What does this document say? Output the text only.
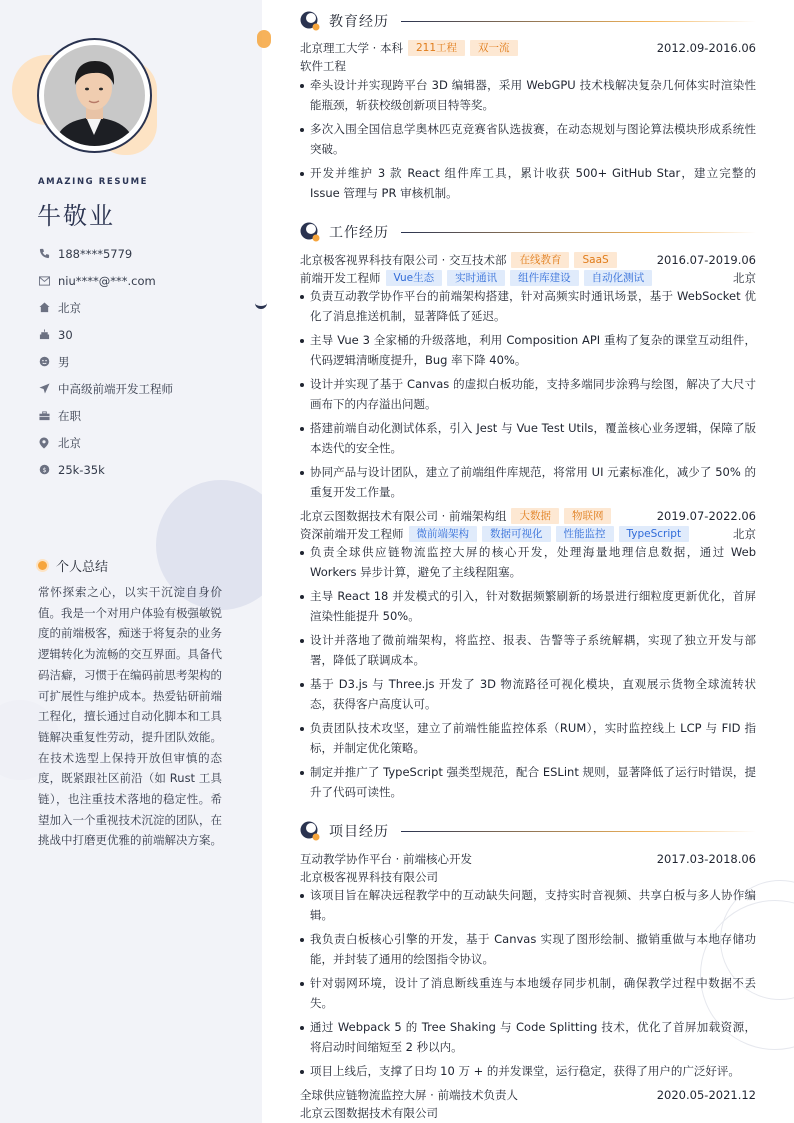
AMAZING RESUME
牛敬业
188****5779
niu****@***.com
北京
30
男
中高级前端开发工程师
在职
北京
$ 25k-35k
个人总结
常怀探索之心，以实干沉淀自身价值。我是一个对用户体验有极强敏锐度的前端极客，痴迷于将复杂的业务逻辑转化为流畅的交互界面。具备代码洁癖，习惯于在编码前思考架构的可扩展性与维护成本。热爱钻研前端工程化，擅长通过自动化脚本和工具链解决重复性劳动，提升团队效能。在技术选型上保持开放但审慎的态度，既紧跟社区前沿（如 Rust 工具链），也注重技术落地的稳定性。希望加入一个重视技术沉淀的团队，在挑战中打磨更优雅的前端解决方案。
教育经历
北京理工大学 · 本科	211工程	双一流	2012.09-2016.06
软件工程
牵头设计并实现跨平台 3D 编辑器，采用 WebGPU 技术栈解决复杂几何体实时渲染性能瓶颈，斩获校级创新项目特等奖。
多次入围全国信息学奥林匹克竞赛省队选拔赛，在动态规划与图论算法模块形成系统性突破。
开发并维护 3 款 React 组件库工具，累计收获 500+ GitHub Star，建立完整的 Issue 管理与 PR 审核机制。
工作经历
北京极客视界科技有限公司 · 交互技术部	在线教育	SaaS	2016.07-2019.06
前端开发工程师	Vue生态	实时通讯	组件库建设	自动化测试	北京
负责互动教学协作平台的前端架构搭建，针对高频实时通讯场景，基于 WebSocket 优化了消息推送机制，显著降低了延迟。
主导 Vue 3 全家桶的升级落地，利用 Composition API 重构了复杂的课堂互动组件，代码逻辑清晰度提升，Bug 率下降 40%。
设计并实现了基于 Canvas 的虚拟白板功能，支持多端同步涂鸦与绘图，解决了大尺寸画布下的内存溢出问题。
搭建前端自动化测试体系，引入 Jest 与 Vue Test Utils，覆盖核心业务逻辑，保障了版本迭代的安全性。
协同产品与设计团队，建立了前端组件库规范，将常用 UI 元素标准化，减少了 50% 的重复开发工作量。
北京云图数据技术有限公司 · 前端架构组	大数据	物联网	2019.07-2022.06
资深前端开发工程师	微前端架构	数据可视化	性能监控	TypeScript	北京
负责全球供应链物流监控大屏的核心开发，处理海量地理信息数据，通过 Web Workers 异步计算，避免了主线程阻塞。
主导 React 18 并发模式的引入，针对数据频繁刷新的场景进行细粒度更新优化，首屏渲染性能提升 50%。
设计并落地了微前端架构，将监控、报表、告警等子系统解耦，实现了独立开发与部署，降低了联调成本。
基于 D3.js 与 Three.js 开发了 3D 物流路径可视化模块，直观展示货物全球流转状态，获得客户高度认可。
负责团队技术攻坚，建立了前端性能监控体系（RUM），实时监控线上 LCP 与 FID 指标，并制定优化策略。
制定并推广了 TypeScript 强类型规范，配合 ESLint 规则，显著降低了运行时错误，提升了代码可读性。
项目经历
互动教学协作平台 · 前端核心开发	2017.03-2018.06
北京极客视界科技有限公司
该项目旨在解决远程教学中的互动缺失问题，支持实时音视频、共享白板与多人协作编辑。
我负责白板核心引擎的开发，基于 Canvas 实现了图形绘制、撤销重做与本地存储功能，并封装了通用的绘图指令协议。
针对弱网环境，设计了消息断线重连与本地缓存同步机制，确保教学过程中数据不丢失。
通过 Webpack 5 的 Tree Shaking 与 Code Splitting 技术，优化了首屏加载资源，将启动时间缩短至 2 秒以内。
项目上线后，支撑了日均 10 万 + 的并发课堂，运行稳定，获得了用户的广泛好评。
全球供应链物流监控大屏 · 前端技术负责人	2020.05-2021.12
北京云图数据技术有限公司
